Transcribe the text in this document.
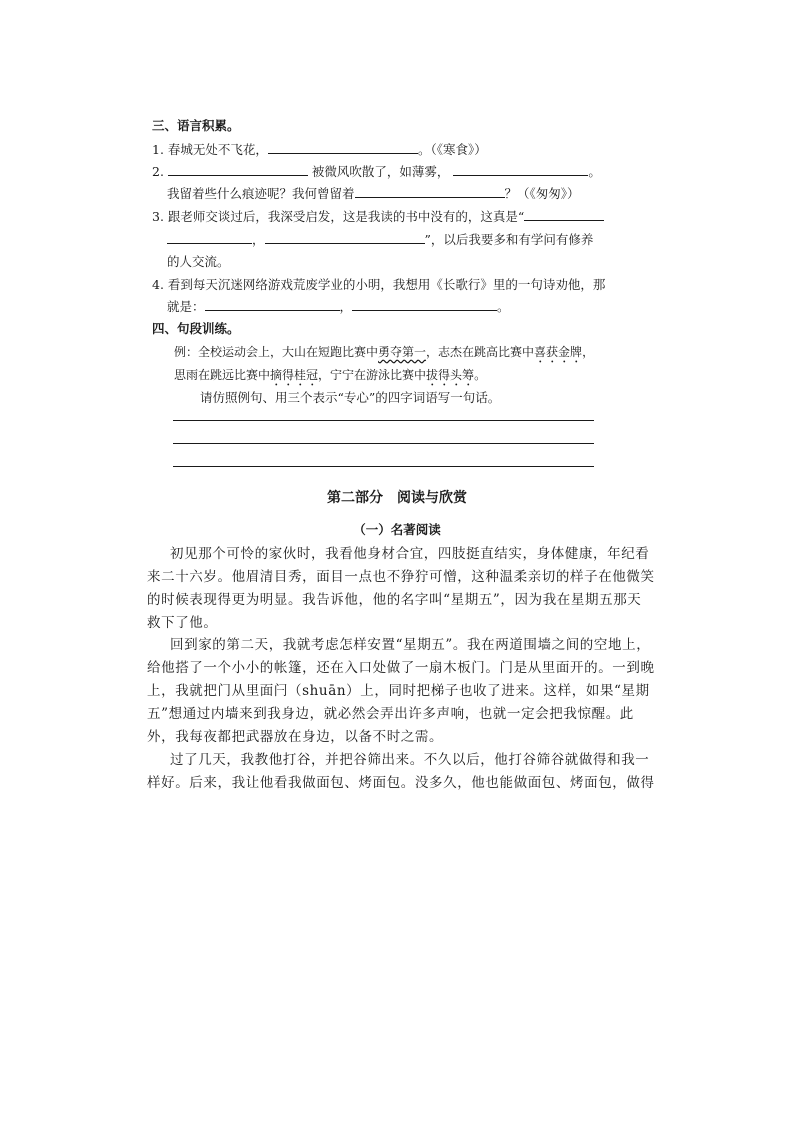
三、语言积累。
1. 春城无处不飞花，	。（《寒食》）
2.	被微风吹散了，如薄雾，	。
我留着些什么痕迹呢？我何曾留着	？（《匆匆》）
3. 跟老师交谈过后，我深受启发，这是我读的书中没有的，这真是“
，	”，以后我要多和有学问有修养
的人交流。
4. 看到每天沉迷网络游戏荒废学业的小明，我想用《长歌行》里的一句诗劝他，那
就是：	，	。
四、句段训练。
例：全校运动会上，大山在短跑比赛中勇夺第一，志杰在跳高比赛中喜获金牌，
思雨在跳远比赛中摘得桂冠，宁宁在游泳比赛中拔得头筹。
请仿照例句、用三个表示“专心”的四字词语写一句话。
第二部分　阅读与欣赏
（一）名著阅读
初见那个可怜的家伙时，我看他身材合宜，四肢挺直结实，身体健康，年纪看
来二十六岁。他眉清目秀，面目一点也不狰狞可憎，这种温柔亲切的样子在他微笑
的时候表现得更为明显。我告诉他，他的名字叫“星期五”，因为我在星期五那天
救下了他。
回到家的第二天，我就考虑怎样安置“星期五”。我在两道围墙之间的空地上，
给他搭了一个小小的帐篷，还在入口处做了一扇木板门。门是从里面开的。一到晚
上，我就把门从里面闩（shuān）上，同时把梯子也收了进来。这样，如果“星期
五”想通过内墙来到我身边，就必然会弄出许多声响，也就一定会把我惊醒。此
外，我每夜都把武器放在身边，以备不时之需。
过了几天，我教他打谷，并把谷筛出来。不久以后，他打谷筛谷就做得和我一
样好。后来，我让他看我做面包、烤面包。没多久，他也能做面包、烤面包，做得
